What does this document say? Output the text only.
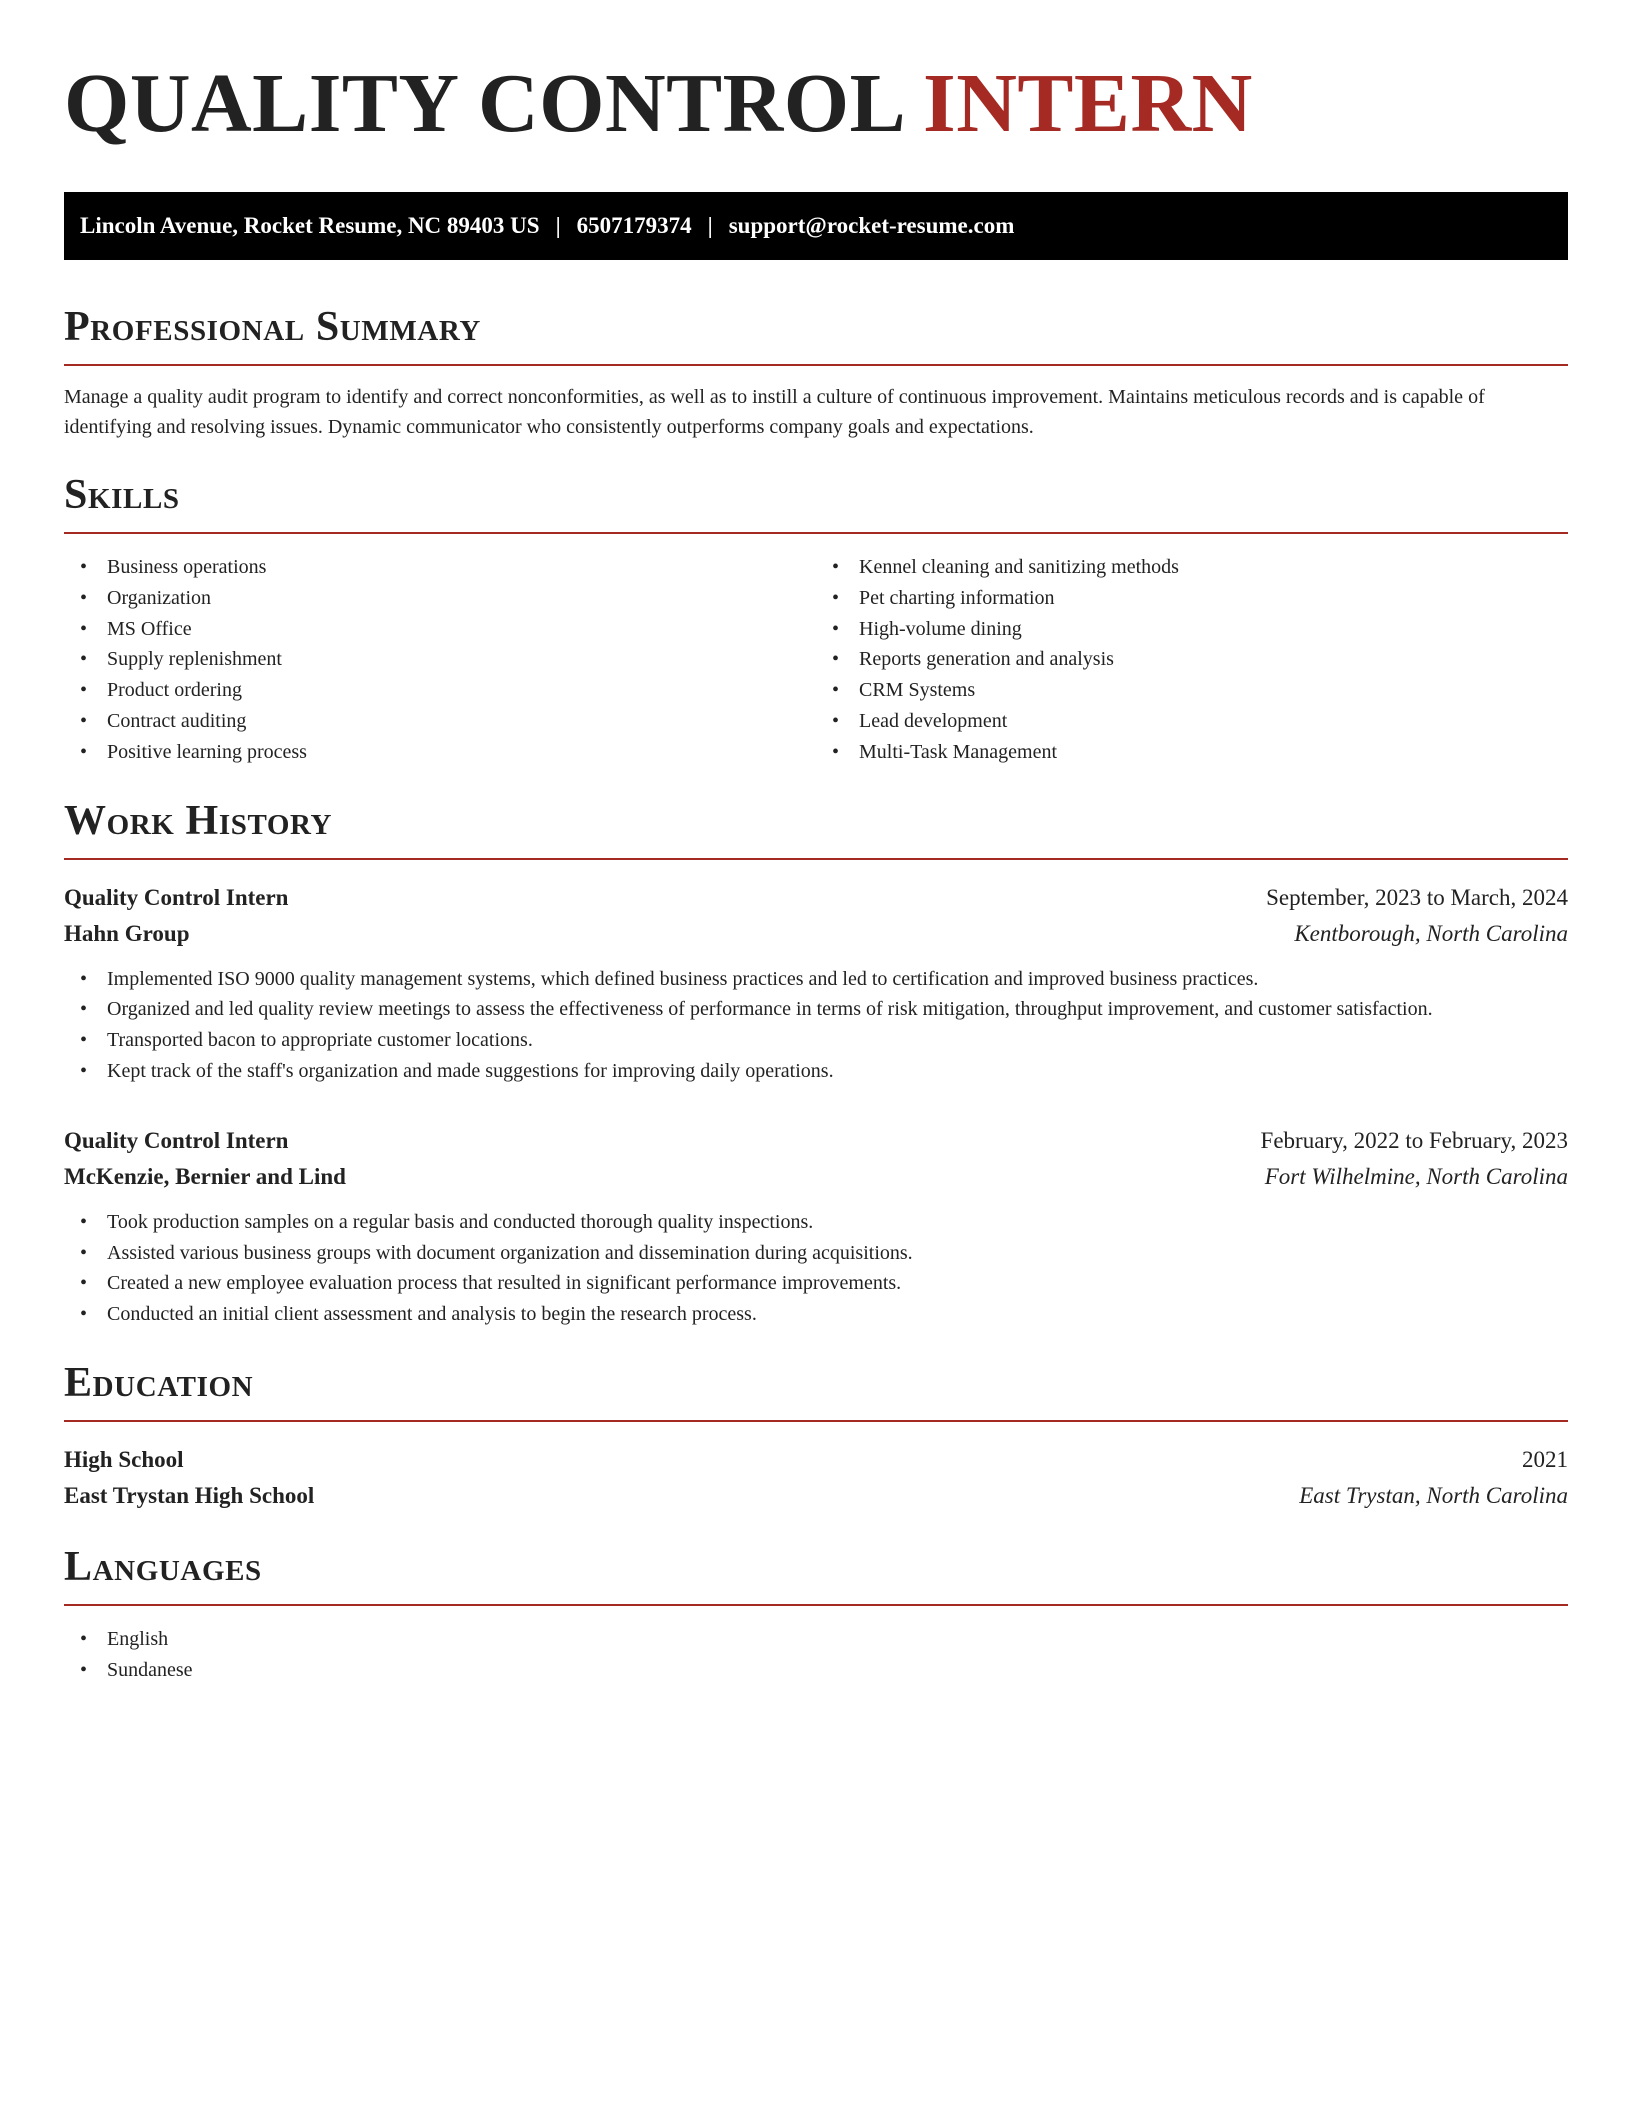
QUALITY CONTROL INTERN
Lincoln Avenue, Rocket Resume, NC 89403 US | 6507179374 | support@rocket-resume.com
Professional Summary

Manage a quality audit program to identify and correct nonconformities, as well as to instill a culture of continuous improvement. Maintains meticulous records and is capable of identifying and resolving issues. Dynamic communicator who consistently outperforms company goals and expectations.

Skills
• Business operations
• Organization
• MS Office
• Supply replenishment
• Product ordering
• Contract auditing
• Positive learning process
• Kennel cleaning and sanitizing methods
• Pet charting information
• High-volume dining
• Reports generation and analysis
• CRM Systems
• Lead development
• Multi-Task Management
Work History
Quality Control Intern	September, 2023 to March, 2024
Hahn Group	Kentborough, North Carolina
• Implemented ISO 9000 quality management systems, which defined business practices and led to certification and improved business practices.
• Organized and led quality review meetings to assess the effectiveness of performance in terms of risk mitigation, throughput improvement, and customer satisfaction.
• Transported bacon to appropriate customer locations.
• Kept track of the staff's organization and made suggestions for improving daily operations.
Quality Control Intern	February, 2022 to February, 2023
McKenzie, Bernier and Lind	Fort Wilhelmine, North Carolina
• Took production samples on a regular basis and conducted thorough quality inspections.
• Assisted various business groups with document organization and dissemination during acquisitions.
• Created a new employee evaluation process that resulted in significant performance improvements.
• Conducted an initial client assessment and analysis to begin the research process.
Education
High School	2021
East Trystan High School	East Trystan, North Carolina
Languages
• English
• Sundanese
